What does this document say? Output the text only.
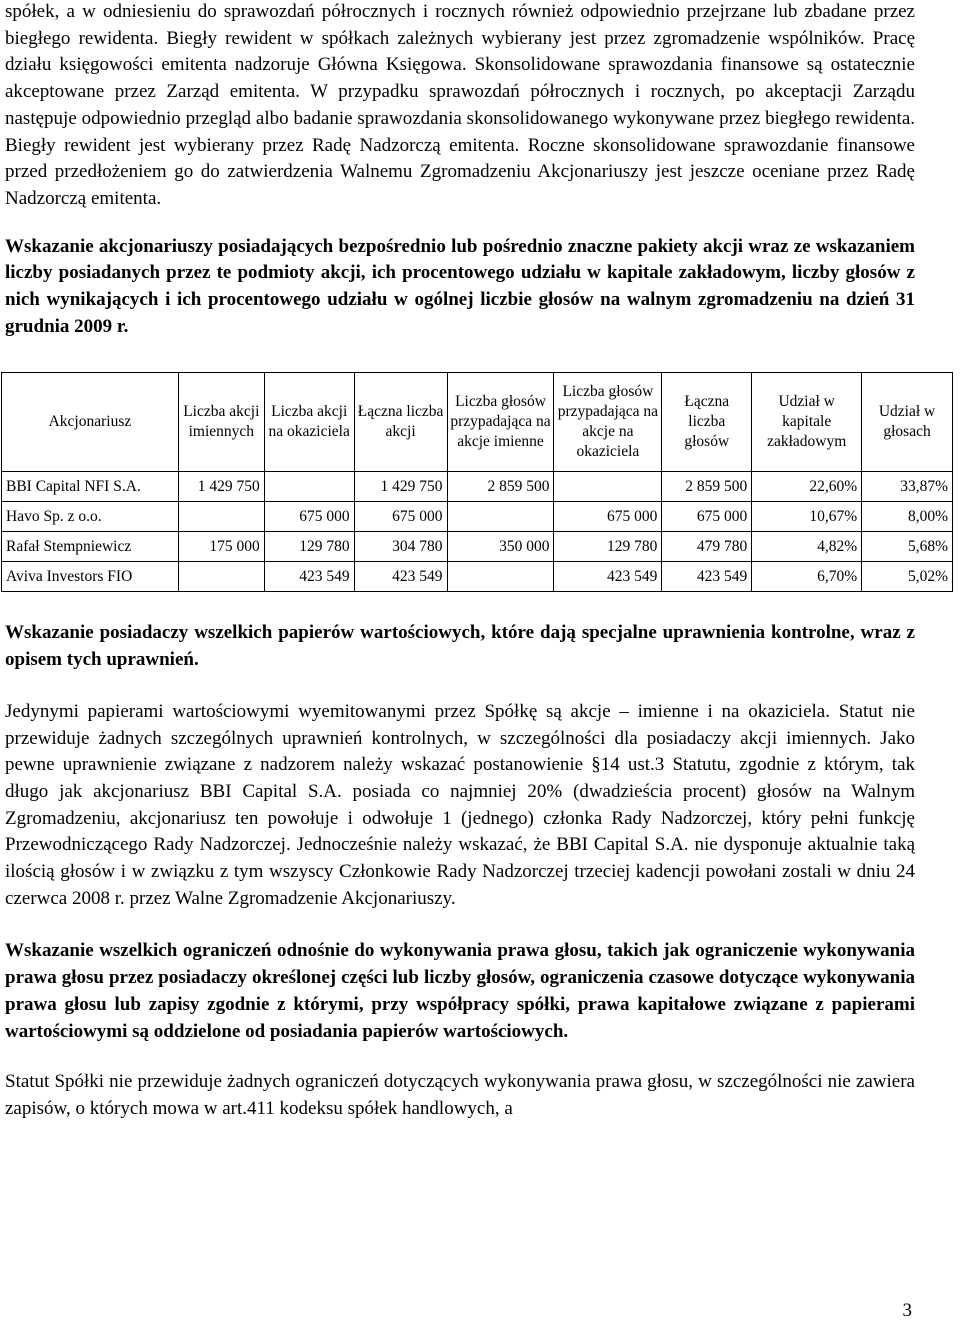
spółek, a w odniesieniu do sprawozdań półrocznych i rocznych również odpowiednio przejrzane lub zbadane przez biegłego rewidenta. Biegły rewident w spółkach zależnych wybierany jest przez zgromadzenie wspólników. Pracę działu księgowości emitenta nadzoruje Główna Księgowa. Skonsolidowane sprawozdania finansowe są ostatecznie akceptowane przez Zarząd emitenta. W przypadku sprawozdań półrocznych i rocznych, po akceptacji Zarządu następuje odpowiednio przegląd albo badanie sprawozdania skonsolidowanego wykonywane przez biegłego rewidenta. Biegły rewident jest wybierany przez Radę Nadzorczą emitenta. Roczne skonsolidowane sprawozdanie finansowe przed przedłożeniem go do zatwierdzenia Walnemu Zgromadzeniu Akcjonariuszy jest jeszcze oceniane przez Radę Nadzorczą emitenta.

Wskazanie akcjonariuszy posiadających bezpośrednio lub pośrednio znaczne pakiety akcji wraz ze wskazaniem liczby posiadanych przez te podmioty akcji, ich procentowego udziału w kapitale zakładowym, liczby głosów z nich wynikających i ich procentowego udziału w ogólnej liczbie głosów na walnym zgromadzeniu na dzień 31 grudnia 2009 r.

Akcjonariusz	Liczba akcji imiennych	Liczba akcji na okaziciela	Łączna liczba akcji	Liczba głosów przypadająca na akcje imienne	Liczba głosów przypadająca na akcje na okaziciela	Łączna liczba głosów	Udział w kapitale zakładowym	Udział w głosach
BBI Capital NFI S.A.	1 429 750		1 429 750	2 859 500		2 859 500	22,60%	33,87%
Havo Sp. z o.o.		675 000	675 000		675 000	675 000	10,67%	8,00%
Rafał Stempniewicz	175 000	129 780	304 780	350 000	129 780	479 780	4,82%	5,68%
Aviva Investors FIO		423 549	423 549		423 549	423 549	6,70%	5,02%

Wskazanie posiadaczy wszelkich papierów wartościowych, które dają specjalne uprawnienia kontrolne, wraz z opisem tych uprawnień.

Jedynymi papierami wartościowymi wyemitowanymi przez Spółkę są akcje – imienne i na okaziciela. Statut nie przewiduje żadnych szczególnych uprawnień kontrolnych, w szczególności dla posiadaczy akcji imiennych. Jako pewne uprawnienie związane z nadzorem należy wskazać postanowienie §14 ust.3 Statutu, zgodnie z którym, tak długo jak akcjonariusz BBI Capital S.A. posiada co najmniej 20% (dwadzieścia procent) głosów na Walnym Zgromadzeniu, akcjonariusz ten powołuje i odwołuje 1 (jednego) członka Rady Nadzorczej, który pełni funkcję Przewodniczącego Rady Nadzorczej. Jednocześnie należy wskazać, że BBI Capital S.A. nie dysponuje aktualnie taką ilością głosów i w związku z tym wszyscy Członkowie Rady Nadzorczej trzeciej kadencji powołani zostali w dniu 24 czerwca 2008 r. przez Walne Zgromadzenie Akcjonariuszy.

Wskazanie wszelkich ograniczeń odnośnie do wykonywania prawa głosu, takich jak ograniczenie wykonywania prawa głosu przez posiadaczy określonej części lub liczby głosów, ograniczenia czasowe dotyczące wykonywania prawa głosu lub zapisy zgodnie z którymi, przy współpracy spółki, prawa kapitałowe związane z papierami wartościowymi są oddzielone od posiadania papierów wartościowych.

Statut Spółki nie przewiduje żadnych ograniczeń dotyczących wykonywania prawa głosu, w szczególności nie zawiera zapisów, o których mowa w art.411 kodeksu spółek handlowych, a

3
